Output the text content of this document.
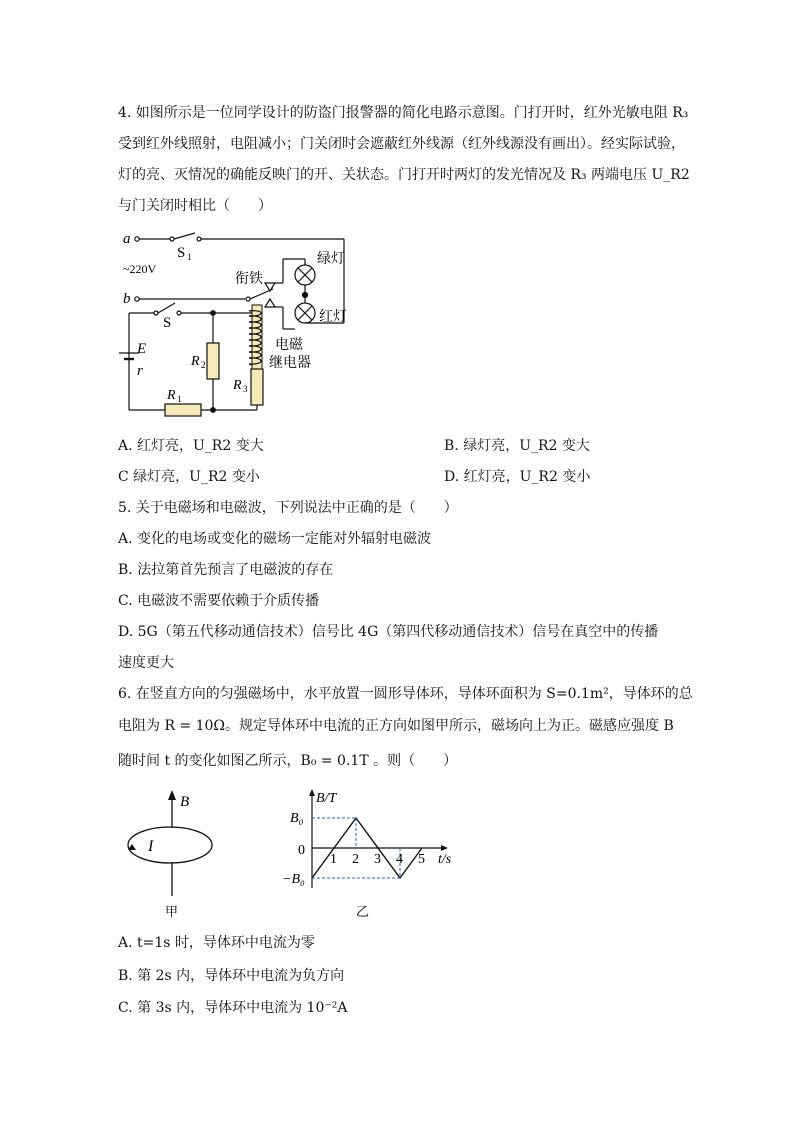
4. 如图所示是一位同学设计的防盗门报警器的简化电路示意图。门打开时，红外光敏电阻 R₃
受到红外线照射，电阻减小；门关闭时会遮蔽红外线源（红外线源没有画出）。经实际试验，
灯的亮、灭情况的确能反映门的开、关状态。门打开时两灯的发光情况及 R₃ 两端电压 U_R2
与门关闭时相比（　　）
a
b
S 1
~220V
衔铁
绿灯
红灯
S
E
r
R 1
R 2
R 3
电磁
继电器
A. 红灯亮，U_R2 变大	B. 绿灯亮，U_R2 变大
C 绿灯亮，U_R2 变小	D. 红灯亮，U_R2 变小
5. 关于电磁场和电磁波，下列说法中正确的是（　　）
A. 变化的电场或变化的磁场一定能对外辐射电磁波
B. 法拉第首先预言了电磁波的存在
C. 电磁波不需要依赖于介质传播
D. 5G（第五代移动通信技术）信号比 4G（第四代移动通信技术）信号在真空中的传播
速度更大
6. 在竖直方向的匀强磁场中，水平放置一圆形导体环，导体环面积为 S=0.1m²，导体环的总
电阻为 R = 10Ω。规定导体环中电流的正方向如图甲所示，磁场向上为正。磁感应强度 B
随时间 t 的变化如图乙所示，B₀ = 0.1T 。则（　　）
B
I
甲
1 2 3 4 5
B/T
t/s
B₀
0
−B₀
乙
A. t=1s 时，导体环中电流为零
B. 第 2s 内，导体环中电流为负方向
C. 第 3s 内，导体环中电流为 10⁻²A
